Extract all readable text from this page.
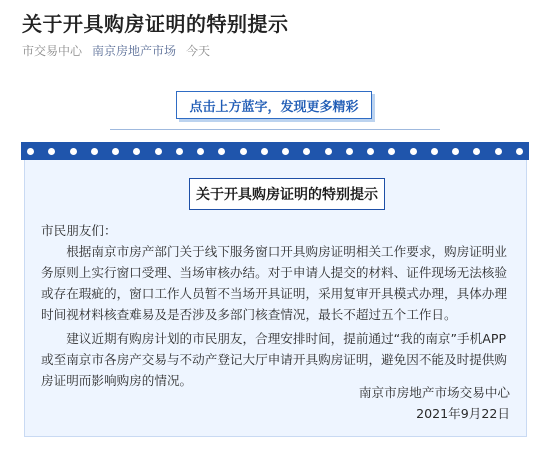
关于开具购房证明的特别提示
市交易中心 南京房地产市场 今天
点击上方蓝字，发现更多精彩
关于开具购房证明的特别提示
市民朋友们：
根据南京市房产部门关于线下服务窗口开具购房证明相关工作要求，购房证明业务原则上实行窗口受理、当场审核办结。对于申请人提交的材料、证件现场无法核验或存在瑕疵的，窗口工作人员暂不当场开具证明，采用复审开具模式办理，具体办理时间视材料核查难易及是否涉及多部门核查情况，最长不超过五个工作日。
建议近期有购房计划的市民朋友，合理安排时间，提前通过“我的南京”手机APP或至南京市各房产交易与不动产登记大厅申请开具购房证明，避免因不能及时提供购房证明而影响购房的情况。
南京市房地产市场交易中心
2021年9月22日
